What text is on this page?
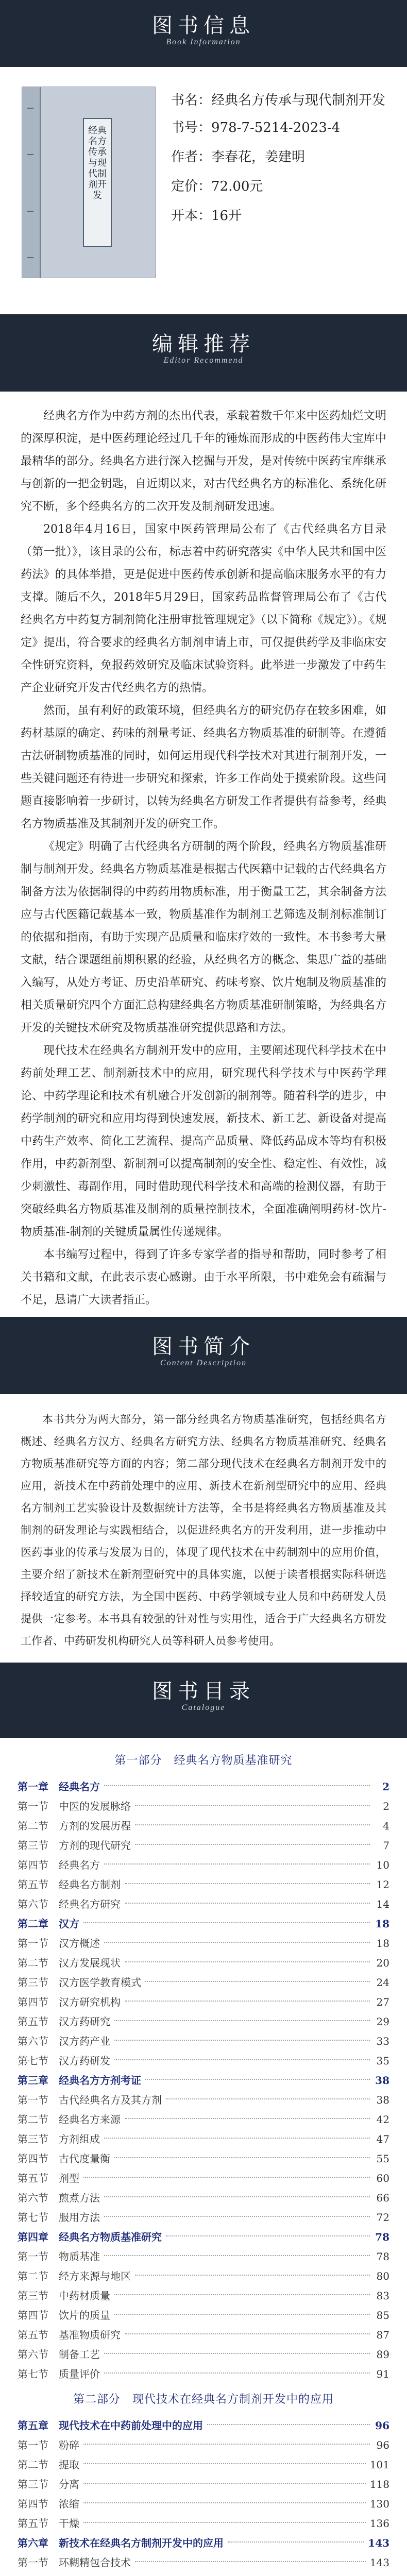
图书信息
Book Information
经典名方传承与现代制剂开发
书名：经典名方传承与现代制剂开发
书号：978-7-5214-2023-4
作者：李春花，姜建明
定价：72.00元
开本：16开
编辑推荐
Editor Recommend

经典名方作为中药方剂的杰出代表，承载着数千年来中医药灿烂文明的深厚积淀，是中医药理论经过几千年的锤炼而形成的中医药伟大宝库中最精华的部分。经典名方进行深入挖掘与开发，是对传统中医药宝库继承与创新的一把金钥匙，自近期以来，对古代经典名方的标准化、系统化研究不断，多个经典名方的二次开发及制剂研发迅速。

2018年4月16日，国家中医药管理局公布了《古代经典名方目录（第一批）》，该目录的公布，标志着中药研究落实《中华人民共和国中医药法》的具体举措，更是促进中医药传承创新和提高临床服务水平的有力支撑。随后不久，2018年5月29日，国家药品监督管理局公布了《古代经典名方中药复方制剂简化注册审批管理规定》（以下简称《规定》）。《规定》提出，符合要求的经典名方制剂申请上市，可仅提供药学及非临床安全性研究资料，免报药效研究及临床试验资料。此举进一步激发了中药生产企业研究开发古代经典名方的热情。

然而，虽有利好的政策环境，但经典名方的研究仍存在较多困难，如药材基原的确定、药味的剂量考证、经典名方物质基准的研制等。在遵循古法研制物质基准的同时，如何运用现代科学技术对其进行制剂开发，一些关键问题还有待进一步研究和探索，许多工作尚处于摸索阶段。这些问题直接影响着一步研讨，以转为经典名方研发工作者提供有益参考，经典名方物质基准及其制剂开发的研究工作。

《规定》明确了古代经典名方研制的两个阶段，经典名方物质基准研制与制剂开发。经典名方物质基准是根据古代医籍中记载的古代经典名方制备方法为依据制得的中药药用物质标准，用于衡量工艺，其余制备方法应与古代医籍记载基本一致，物质基准作为制剂工艺筛选及制剂标准制订的依据和指南，有助于实现产品质量和临床疗效的一致性。本书参考大量文献，结合课题组前期积累的经验，从经典名方的概念、集思广益的基础入编写，从处方考证、历史沿革研究、药味考察、饮片炮制及物质基准的相关质量研究四个方面汇总构建经典名方物质基准研制策略，为经典名方开发的关键技术研究及物质基准研究提供思路和方法。

现代技术在经典名方制剂开发中的应用，主要阐述现代科学技术在中药前处理工艺、制剂新技术中的应用，研究现代科学技术与中医药学理论、中药学理论和技术有机融合开发创新的制剂等。随着科学的进步，中药学制剂的研究和应用均得到快速发展，新技术、新工艺、新设备对提高中药生产效率、简化工艺流程、提高产品质量、降低药品成本等均有积极作用，中药新剂型、新制剂可以提高制剂的安全性、稳定性、有效性，减少刺激性、毒副作用，同时借助现代科学技术和高端的检测仪器，有助于突破经典名方物质基准及制剂的质量控制技术，全面准确阐明药材-饮片-物质基准-制剂的关键质量属性传递规律。

本书编写过程中，得到了许多专家学者的指导和帮助，同时参考了相关书籍和文献，在此表示衷心感谢。由于水平所限，书中难免会有疏漏与不足，恳请广大读者指正。

图书简介
Content Description

本书共分为两大部分，第一部分经典名方物质基准研究，包括经典名方概述、经典名方汉方、经典名方研究方法、经典名方物质基准研究、经典名方物质基准研究等方面的内容；第二部分现代技术在经典名方制剂开发中的应用，新技术在中药前处理中的应用、新技术在新剂型研究中的应用、经典名方制剂工艺实验设计及数据统计方法等，全书是将经典名方物质基准及其制剂的研发理论与实践相结合，以促进经典名方的开发利用，进一步推动中医药事业的传承与发展为目的，体现了现代技术在中药制剂中的应用价值，主要介绍了新技术在新剂型研究中的具体实施，以便于读者根据实际科研选择较适宜的研究方法，为全国中医药、中药学领域专业人员和中药研发人员提供一定参考。本书具有较强的针对性与实用性，适合于广大经典名方研发工作者、中药研发机构研究人员等科研人员参考使用。

图书目录
Catalogue
第一部分　经典名方物质基准研究
第一章　经典名方	2
第一节　中医的发展脉络	2
第二节　方剂的发展历程	4
第三节　方剂的现代研究	7
第四节　经典名方	10
第五节　经典名方制剂	12
第六节　经典名方研究	14
第二章　汉方	18
第一节　汉方概述	18
第二节　汉方发展现状	20
第三节　汉方医学教育模式	24
第四节　汉方研究机构	27
第五节　汉方药研究	29
第六节　汉方药产业	33
第七节　汉方药研发	35
第三章　经典名方方剂考证	38
第一节　古代经典名方及其方剂	38
第二节　经典名方来源	42
第三节　方剂组成	47
第四节　古代度量衡	55
第五节　剂型	60
第六节　煎煮方法	66
第七节　服用方法	72
第四章　经典名方物质基准研究	78
第一节　物质基准	78
第二节　经方来源与地区	80
第三节　中药材质量	83
第四节　饮片的质量	85
第五节　基准物质研究	87
第六节　制备工艺	89
第七节　质量评价	91
第二部分　现代技术在经典名方制剂开发中的应用
第五章　现代技术在中药前处理中的应用	96
第一节　粉碎	96
第二节　提取	101
第三节　分离	118
第四节　浓缩	130
第五节　干燥	136
第六章　新技术在经典名方制剂开发中的应用	143
第一节　环糊精包合技术	143
